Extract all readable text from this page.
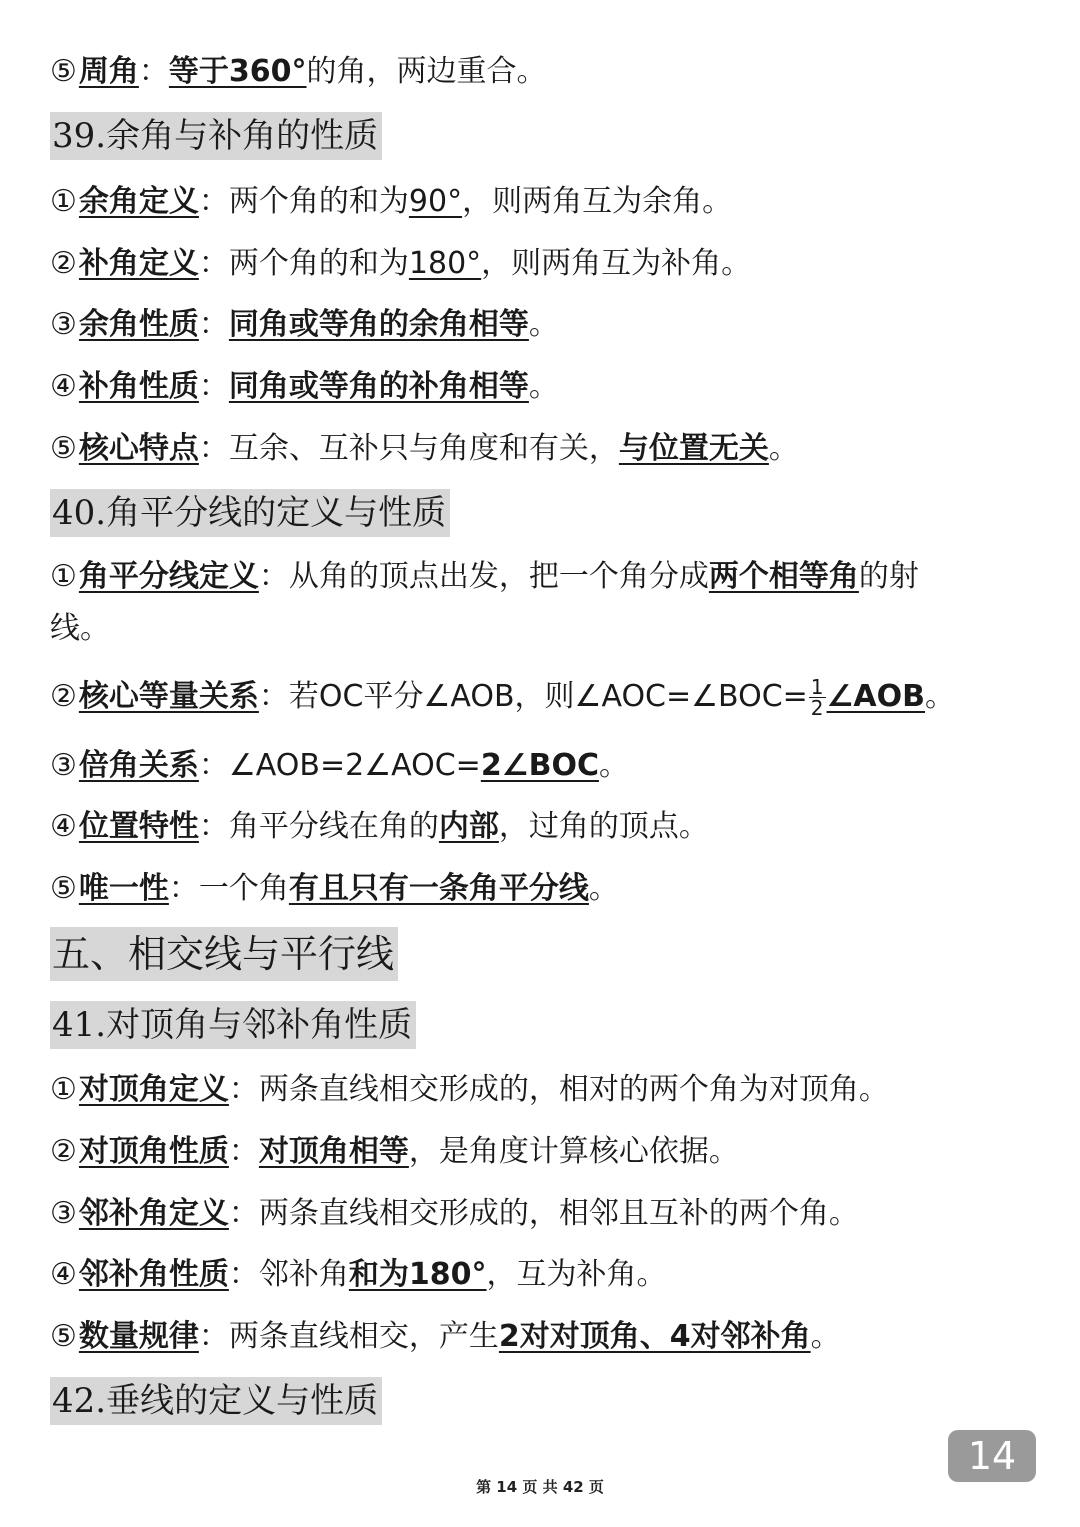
⑤周角：等于360°的角，两边重合。
39.余角与补角的性质
①余角定义：两个角的和为90°，则两角互为余角。
②补角定义：两个角的和为180°，则两角互为补角。
③余角性质：同角或等角的余角相等。
④补角性质：同角或等角的补角相等。
⑤核心特点：互余、互补只与角度和有关，与位置无关。
40.角平分线的定义与性质
①角平分线定义：从角的顶点出发，把一个角分成两个相等角的射
线。
②核心等量关系：若OC平分∠AOB，则∠AOC=∠BOC= $\frac{1}{2}$ ∠AOB。
③倍角关系：∠AOB=2∠AOC=2∠BOC。
④位置特性：角平分线在角的内部，过角的顶点。
⑤唯一性：一个角有且只有一条角平分线。
五、相交线与平行线
41.对顶角与邻补角性质
①对顶角定义：两条直线相交形成的，相对的两个角为对顶角。
②对顶角性质：对顶角相等，是角度计算核心依据。
③邻补角定义：两条直线相交形成的，相邻且互补的两个角。
④邻补角性质：邻补角和为180°，互为补角。
⑤数量规律：两条直线相交，产生2对对顶角、4对邻补角。
42.垂线的定义与性质
14
第 14 页 共 42 页
